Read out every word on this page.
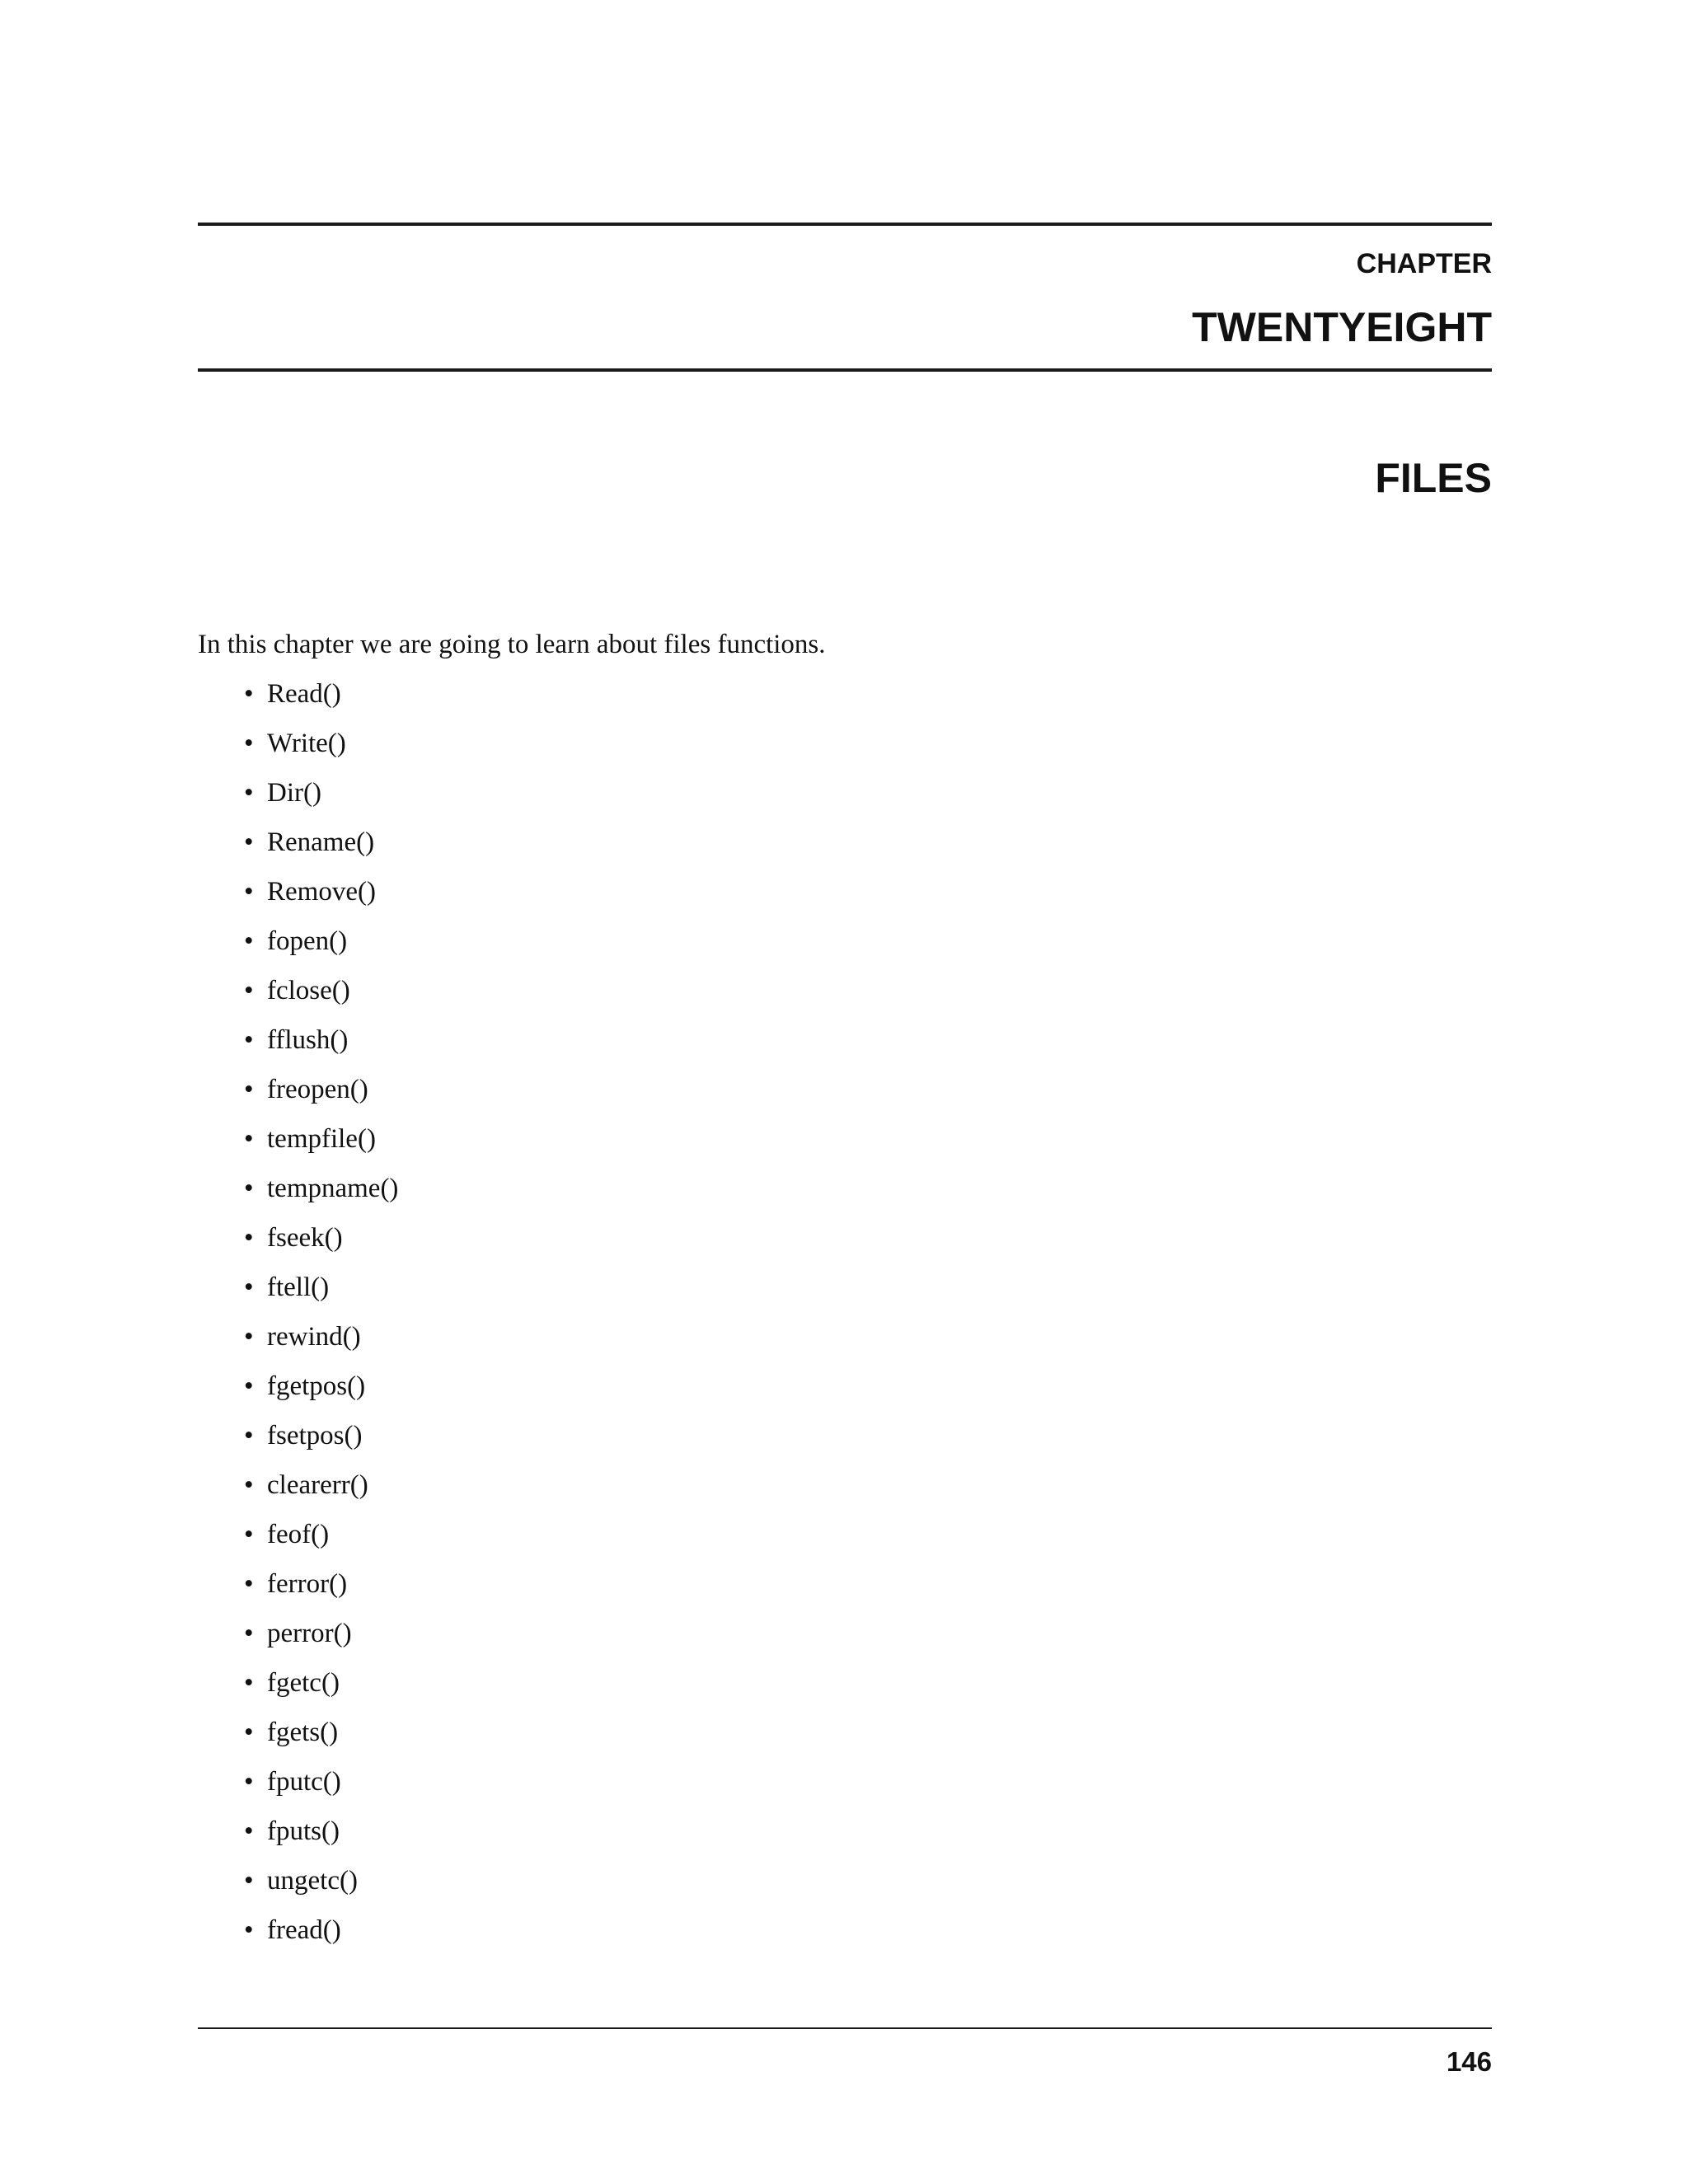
CHAPTER
TWENTYEIGHT
FILES

In this chapter we are going to learn about files functions.

• Read()
• Write()
• Dir()
• Rename()
• Remove()
• fopen()
• fclose()
• fflush()
• freopen()
• tempfile()
• tempname()
• fseek()
• ftell()
• rewind()
• fgetpos()
• fsetpos()
• clearerr()
• feof()
• ferror()
• perror()
• fgetc()
• fgets()
• fputc()
• fputs()
• ungetc()
• fread()
146
